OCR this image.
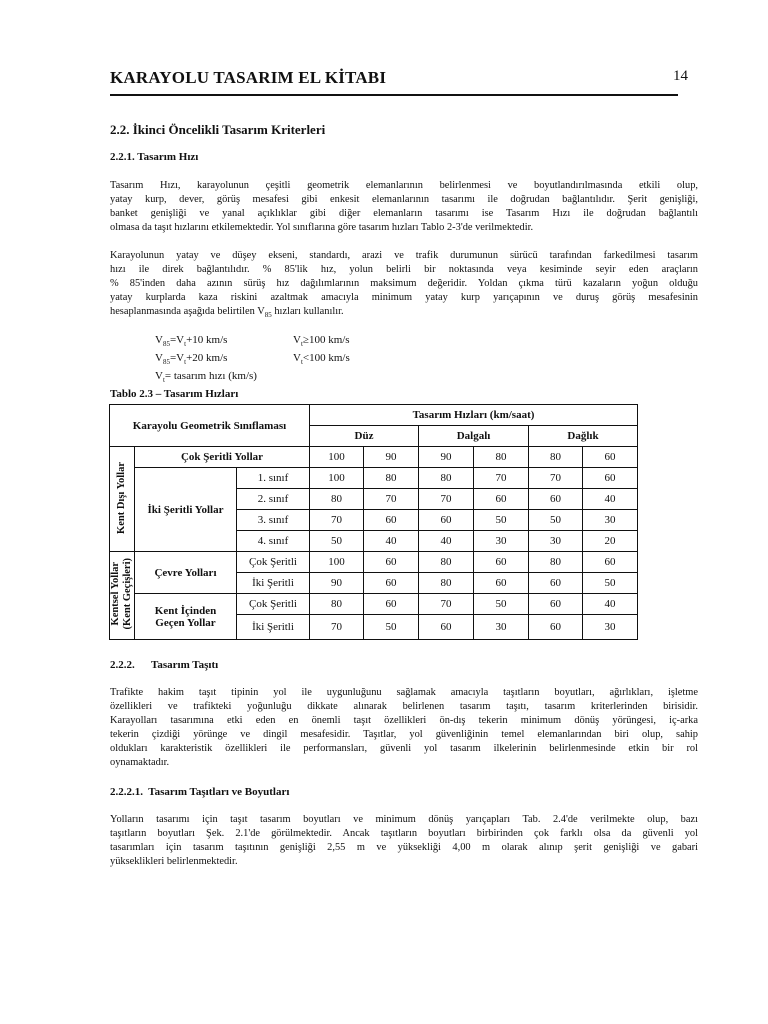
KARAYOLU TASARIM EL KİTABI	14
2.2. İkinci Öncelikli Tasarım Kriterleri
2.2.1. Tasarım Hızı
Tasarım Hızı, karayolunun çeşitli geometrik elemanlarının belirlenmesi ve boyutlandırılmasında etkili olup,
yatay kurp, dever, görüş mesafesi gibi enkesit elemanlarının tasarımı ile doğrudan bağlantılıdır. Şerit genişliği,
banket genişliği ve yanal açıklıklar gibi diğer elemanların tasarımı ise Tasarım Hızı ile doğrudan bağlantılı
olmasa da taşıt hızlarını etkilemektedir. Yol sınıflarına göre tasarım hızları Tablo 2-3'de verilmektedir.
Karayolunun yatay ve düşey ekseni, standardı, arazi ve trafik durumunun sürücü tarafından farkedilmesi tasarım
hızı ile direk bağlantılıdır. % 85'lik hız, yolun belirli bir noktasında veya kesiminde seyir eden araçların
% 85'inden daha azının sürüş hız dağılımlarının maksimum değeridir. Yoldan çıkma türü kazaların yoğun olduğu
yatay kurplarda kaza riskini azaltmak amacıyla minimum yatay kurp yarıçapının ve duruş görüş mesafesinin
hesaplanmasında aşağıda belirtilen $V_{85}$ hızları kullanılır.
$V_{85}=V_t+10$ km/s
$V_{85}=V_t+20$ km/s
$V_t=$ tasarım hızı (km/s)
$V_t\ge 100$ km/s
$V_t<100$ km/s
Tablo 2.3 – Tasarım Hızları
Karayolu Geometrik Sınıflaması			Tasarım Hızları (km/saat)					
			Düz		Dalgalı		Dağlık	
Kent Dışı Yollar	Çok Şeritli Yollar		100	90	90	80	80	60
	İki Şeritli Yollar	1. sınıf	100	80	80	70	70	60
		2. sınıf	80	70	70	60	60	40
		3. sınıf	70	60	60	50	50	30
		4. sınıf	50	40	40	30	30	20
Kentsel Yollar
(Kent Geçişleri)	Çevre Yolları	Çok Şeritli	100	60	80	60	80	60
		İki Şeritli	90	60	80	60	60	50
	Kent İçinden
Geçen Yollar	Çok Şeritli	80	60	70	50	60	40
		İki Şeritli	70	50	60	30	60	30
2.2.2.      Tasarım Taşıtı
Trafikte hakim taşıt tipinin yol ile uygunluğunu sağlamak amacıyla taşıtların boyutları, ağırlıkları, işletme
özellikleri ve trafikteki yoğunluğu dikkate alınarak belirlenen tasarım taşıtı, tasarım kriterlerinden birisidir.
Karayolları tasarımına etki eden en önemli taşıt özellikleri ön-dış tekerin minimum dönüş yörüngesi, iç-arka
tekerin çizdiği yörünge ve dingil mesafesidir. Taşıtlar, yol güvenliğinin temel elemanlarından biri olup, sahip
oldukları karakteristik özellikleri ile performansları, güvenli yol tasarım ilkelerinin belirlenmesinde etkin bir rol
oynamaktadır.
2.2.2.1.  Tasarım Taşıtları ve Boyutları
Yolların tasarımı için taşıt tasarım boyutları ve minimum dönüş yarıçapları Tab. 2.4'de verilmekte olup, bazı
taşıtların boyutları Şek. 2.1'de görülmektedir. Ancak taşıtların boyutları birbirinden çok farklı olsa da güvenli yol
tasarımları için tasarım taşıtının genişliği 2,55 m ve yüksekliği 4,00 m olarak alınıp şerit genişliği ve gabari
yükseklikleri belirlenmektedir.
